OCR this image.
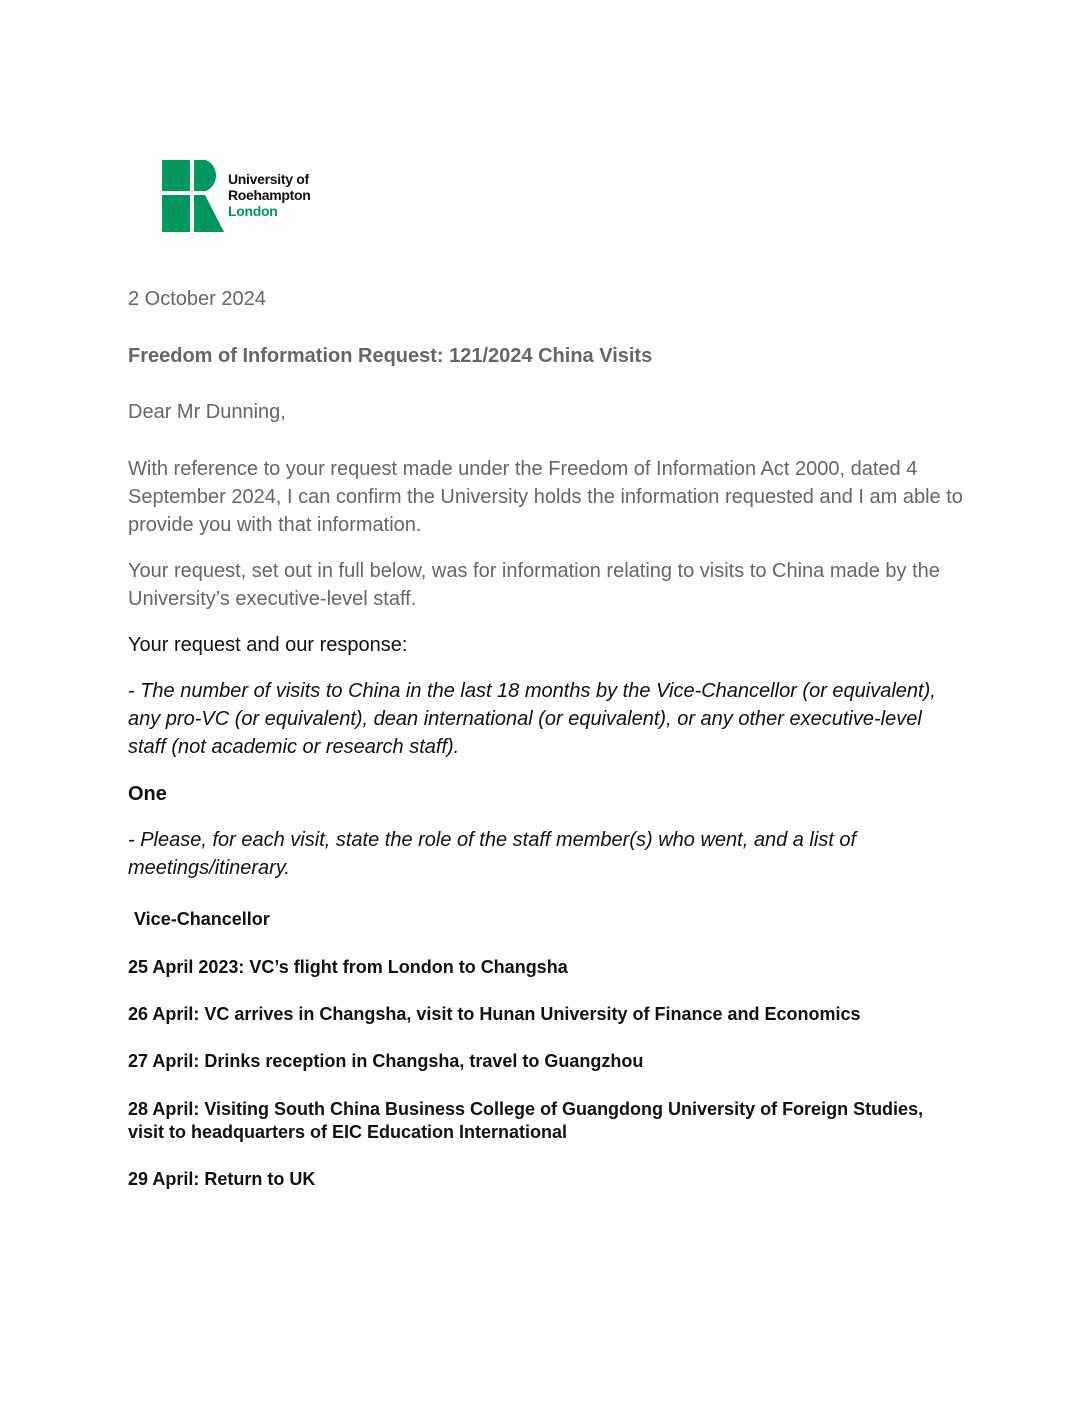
University of
Roehampton
London

2 October 2024

Freedom of Information Request: 121/2024 China Visits

Dear Mr Dunning,

With reference to your request made under the Freedom of Information Act 2000, dated 4 September 2024, I can confirm the University holds the information requested and I am able to provide you with that information.

Your request, set out in full below, was for information relating to visits to China made by the University’s executive-level staff.

Your request and our response:

- The number of visits to China in the last 18 months by the Vice-Chancellor (or equivalent), any pro-VC (or equivalent), dean international (or equivalent), or any other executive-level staff (not academic or research staff).

One

- Please, for each visit, state the role of the staff member(s) who went, and a list of meetings/itinerary.

Vice-Chancellor
25 April 2023: VC’s flight from London to Changsha
26 April: VC arrives in Changsha, visit to Hunan University of Finance and Economics
27 April: Drinks reception in Changsha, travel to Guangzhou
28 April: Visiting South China Business College of Guangdong University of Foreign Studies, visit to headquarters of EIC Education International
29 April: Return to UK
